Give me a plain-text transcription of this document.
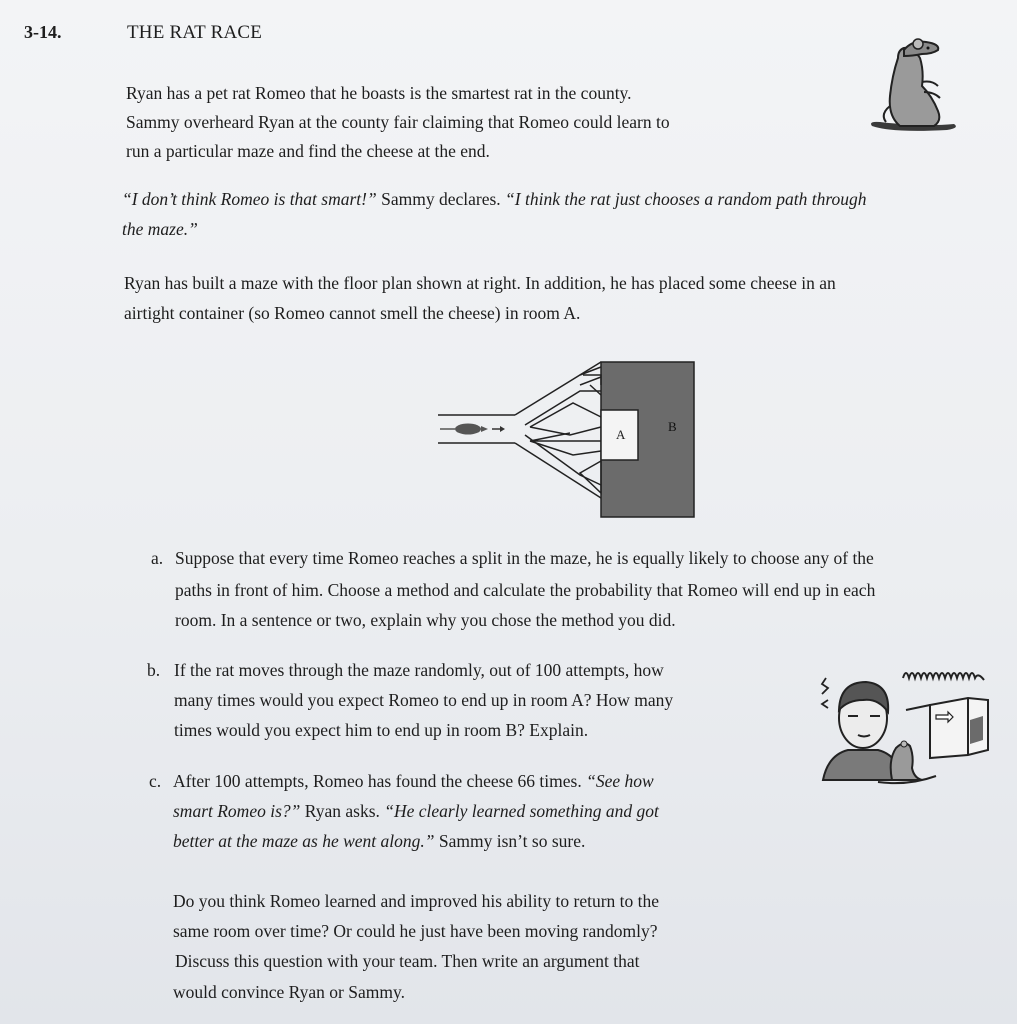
3-14.	THE RAT RACE
Ryan has a pet rat Romeo that he boasts is the smartest rat in the county.
Sammy overheard Ryan at the county fair claiming that Romeo could learn to
run a particular maze and find the cheese at the end.
“I don’t think Romeo is that smart!” Sammy declares. “I think the rat just chooses a random path through
the maze.”
Ryan has built a maze with the floor plan shown at right. In addition, he has placed some cheese in an
airtight container (so Romeo cannot smell the cheese) in room A.
A
B
a. Suppose that every time Romeo reaches a split in the maze, he is equally likely to choose any of the
paths in front of him. Choose a method and calculate the probability that Romeo will end up in each
room. In a sentence or two, explain why you chose the method you did.
b. If the rat moves through the maze randomly, out of 100 attempts, how
many times would you expect Romeo to end up in room A? How many
times would you expect him to end up in room B? Explain.
c. After 100 attempts, Romeo has found the cheese 66 times. “See how
smart Romeo is?” Ryan asks. “He clearly learned something and got
better at the maze as he went along.” Sammy isn’t so sure.
Do you think Romeo learned and improved his ability to return to the
same room over time? Or could he just have been moving randomly?
Discuss this question with your team. Then write an argument that
would convince Ryan or Sammy.
